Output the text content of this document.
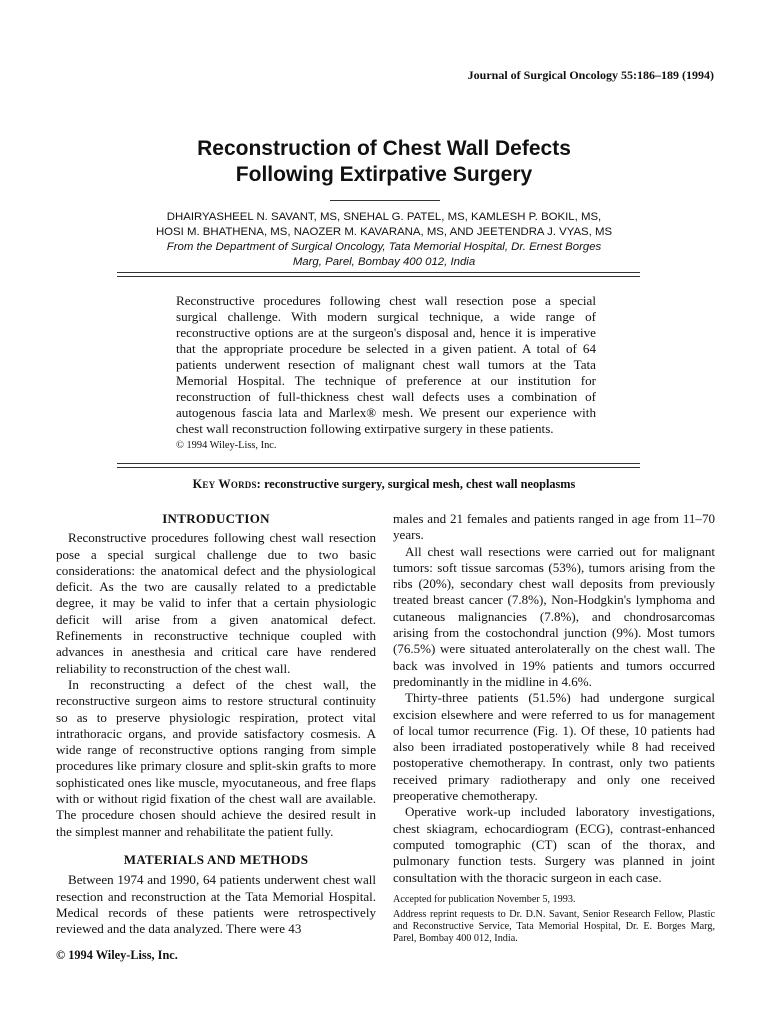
Journal of Surgical Oncology 55:186–189 (1994)
Reconstruction of Chest Wall Defects
Following Extirpative Surgery
DHAIRYASHEEL N. SAVANT, MS, SNEHAL G. PATEL, MS, KAMLESH P. BOKIL, MS,
HOSI M. BHATHENA, MS, NAOZER M. KAVARANA, MS, AND JEETENDRA J. VYAS, MS
From the Department of Surgical Oncology, Tata Memorial Hospital, Dr. Ernest Borges
Marg, Parel, Bombay 400 012, India

Reconstructive procedures following chest wall resection pose a special surgical challenge. With modern surgical technique, a wide range of reconstructive options are at the surgeon's disposal and, hence it is imperative that the appropriate procedure be selected in a given patient. A total of 64 patients underwent resection of malignant chest wall tumors at the Tata Memorial Hospital. The technique of preference at our institution for reconstruction of full-thickness chest wall defects uses a combination of autogenous fascia lata and Marlex® mesh. We present our experience with chest wall reconstruction following extirpative surgery in these patients.

© 1994 Wiley-Liss, Inc.
Key Words: reconstructive surgery, surgical mesh, chest wall neoplasms
INTRODUCTION

Reconstructive procedures following chest wall resection pose a special surgical challenge due to two basic considerations: the anatomical defect and the physiological deficit. As the two are causally related to a predictable degree, it may be valid to infer that a certain physiologic deficit will arise from a given anatomical defect. Refinements in reconstructive technique coupled with advances in anesthesia and critical care have rendered reliability to reconstruction of the chest wall.

In reconstructing a defect of the chest wall, the reconstructive surgeon aims to restore structural continuity so as to preserve physiologic respiration, protect vital intrathoracic organs, and provide satisfactory cosmesis. A wide range of reconstructive options ranging from simple procedures like primary closure and split-skin grafts to more sophisticated ones like muscle, myocutaneous, and free flaps with or without rigid fixation of the chest wall are available. The procedure chosen should achieve the desired result in the simplest manner and rehabilitate the patient fully.

MATERIALS AND METHODS

Between 1974 and 1990, 64 patients underwent chest wall resection and reconstruction at the Tata Memorial Hospital. Medical records of these patients were retrospectively reviewed and the data analyzed. There were 43

© 1994 Wiley-Liss, Inc.

males and 21 females and patients ranged in age from 11–70 years.

All chest wall resections were carried out for malignant tumors: soft tissue sarcomas (53%), tumors arising from the ribs (20%), secondary chest wall deposits from previously treated breast cancer (7.8%), Non-Hodgkin's lymphoma and cutaneous malignancies (7.8%), and chondrosarcomas arising from the costochondral junction (9%). Most tumors (76.5%) were situated anterolaterally on the chest wall. The back was involved in 19% patients and tumors occurred predominantly in the midline in 4.6%.

Thirty-three patients (51.5%) had undergone surgical excision elsewhere and were referred to us for management of local tumor recurrence (Fig. 1). Of these, 10 patients had also been irradiated postoperatively while 8 had received postoperative chemotherapy. In contrast, only two patients received primary radiotherapy and only one received preoperative chemotherapy.

Operative work-up included laboratory investigations, chest skiagram, echocardiogram (ECG), contrast-enhanced computed tomographic (CT) scan of the thorax, and pulmonary function tests. Surgery was planned in joint consultation with the thoracic surgeon in each case.

Accepted for publication November 5, 1993.

Address reprint requests to Dr. D.N. Savant, Senior Research Fellow, Plastic and Reconstructive Service, Tata Memorial Hospital, Dr. E. Borges Marg, Parel, Bombay 400 012, India.
